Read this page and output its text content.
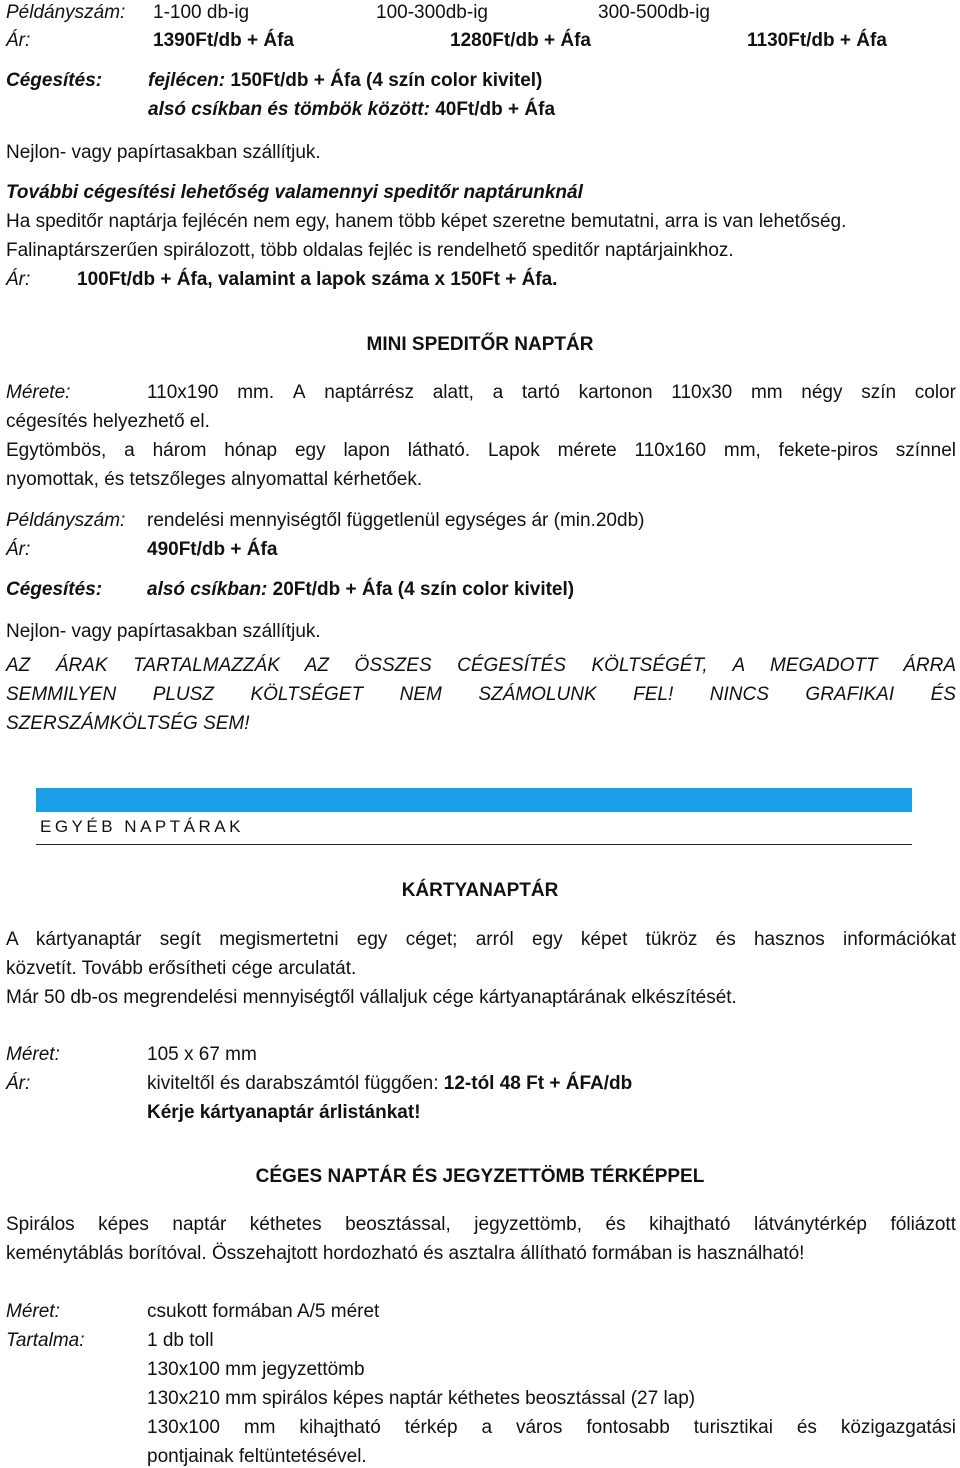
Példányszám: 1-100 db-ig	100-300db-ig	300-500db-ig
Ár:	1390Ft/db + Áfa	1280Ft/db + Áfa	1130Ft/db + Áfa
Cégesítés: fejlécen: 150Ft/db + Áfa (4 szín color kivitel)
alsó csíkban és tömbök között: 40Ft/db + Áfa
Nejlon- vagy papírtasakban szállítjuk.
További cégesítési lehetőség valamennyi speditőr naptárunknál
Ha speditőr naptárja fejlécén nem egy, hanem több képet szeretne bemutatni, arra is van lehetőség.
Falinaptárszerűen spirálozott, több oldalas fejléc is rendelhető speditőr naptárjainkhoz.
Ár: 100Ft/db + Áfa, valamint a lapok száma x 150Ft + Áfa.
MINI SPEDITŐR NAPTÁR
Mérete:	110x190 mm. A naptárrész alatt, a tartó kartonon 110x30 mm négy szín color
cégesítés helyezhető el.
Egytömbös, a három hónap egy lapon látható. Lapok mérete 110x160 mm, fekete-piros színnel
nyomottak, és tetszőleges alnyomattal kérhetőek.
Példányszám: rendelési mennyiségtől függetlenül egységes ár (min.20db)
Ár:	490Ft/db + Áfa
Cégesítés: alsó csíkban: 20Ft/db + Áfa (4 szín color kivitel)
Nejlon- vagy papírtasakban szállítjuk.
AZ ÁRAK TARTALMAZZÁK AZ ÖSSZES CÉGESÍTÉS KÖLTSÉGÉT, A MEGADOTT ÁRRA
SEMMILYEN PLUSZ KÖLTSÉGET NEM SZÁMOLUNK FEL! NINCS GRAFIKAI ÉS
SZERSZÁMKÖLTSÉG SEM!
EGYÉB NAPTÁRAK
KÁRTYANAPTÁR
A kártyanaptár segít megismertetni egy céget; arról egy képet tükröz és hasznos információkat
közvetít. Tovább erősítheti cége arculatát.
Már 50 db-os megrendelési mennyiségtől vállaljuk cége kártyanaptárának elkészítését.
Méret:	105 x 67 mm
Ár:	kiviteltől és darabszámtól függően: 12-tól 48 Ft + ÁFA/db
Kérje kártyanaptár árlistánkat!
CÉGES NAPTÁR ÉS JEGYZETTÖMB TÉRKÉPPEL
Spirálos képes naptár kéthetes beosztással, jegyzettömb, és kihajtható látványtérkép fóliázott
keménytáblás borítóval. Összehajtott hordozható és asztalra állítható formában is használható!
Méret:	csukott formában A/5 méret
Tartalma:	1 db toll
130x100 mm jegyzettömb
130x210 mm spirálos képes naptár kéthetes beosztással (27 lap)
130x100 mm kihajtható térkép a város fontosabb turisztikai és közigazgatási
pontjainak feltüntetésével.
